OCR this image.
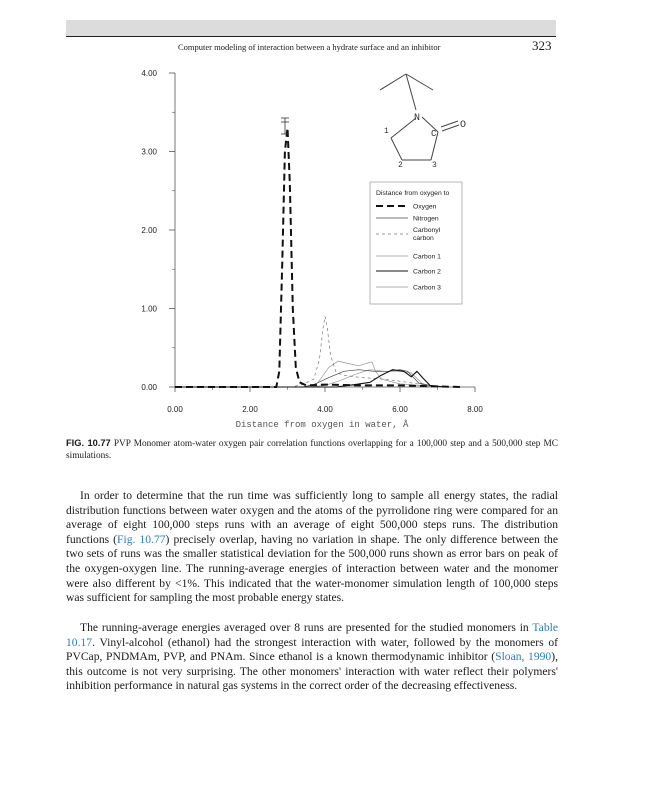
Computer modeling of interaction between a hydrate surface and an inhibitor	323
0.00
1.00
2.00
3.00
4.00
0.00	2.00	4.00	6.00	8.00
Distance from oxygen in water, Å
N
C
O
1
2	3
Distance from oxygen to
Oxygen
Nitrogen
Carbonyl carbon
Carbon 1
Carbon 2
Carbon 3
FIG. 10.77 PVP Monomer atom-water oxygen pair correlation functions overlapping for a 100,000 step and a 500,000 step MC simulations.

In order to determine that the run time was sufficiently long to sample all energy states, the radial distribution functions between water oxygen and the atoms of the pyrrolidone ring were compared for an average of eight 100,000 steps runs with an average of eight 500,000 steps runs. The distribution functions (Fig. 10.77) precisely overlap, having no variation in shape. The only difference between the two sets of runs was the smaller statistical deviation for the 500,000 runs shown as error bars on peak of the oxygen-oxygen line. The running-average energies of interaction between water and the monomer were also different by <1%. This indicated that the water-monomer simulation length of 100,000 steps was sufficient for sampling the most probable energy states.

The running-average energies averaged over 8 runs are presented for the studied monomers in Table 10.17. Vinyl-alcohol (ethanol) had the strongest interaction with water, followed by the monomers of PVCap, PNDMAm, PVP, and PNAm. Since ethanol is a known thermodynamic inhibitor (Sloan, 1990), this outcome is not very surprising. The other monomers' interaction with water reflect their polymers' inhibition performance in natural gas systems in the correct order of the decreasing effectiveness.
